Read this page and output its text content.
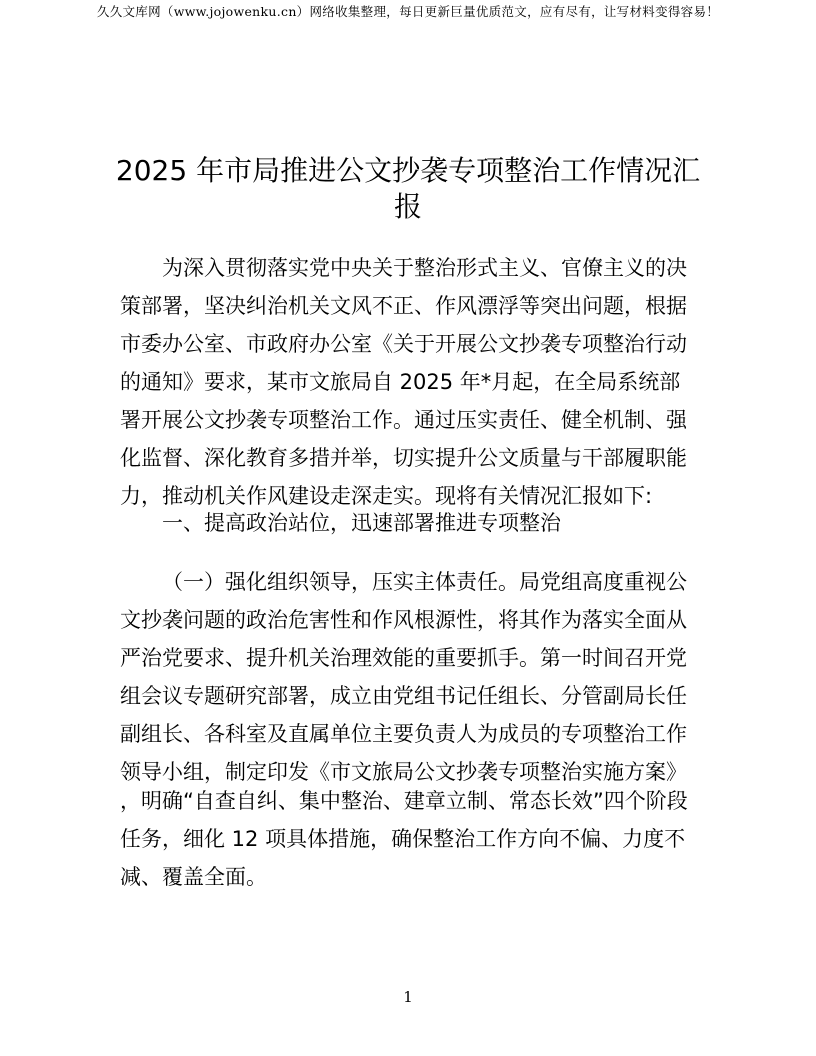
久久文库网（www.jojowenku.cn）网络收集整理，每日更新巨量优质范文，应有尽有，让写材料变得容易！
2025 年市局推进公文抄袭专项整治工作情况汇报

为深入贯彻落实党中央关于整治形式主义、官僚主义的决策部署，坚决纠治机关文风不正、作风漂浮等突出问题，根据市委办公室、市政府办公室《关于开展公文抄袭专项整治行动的通知》要求，某市文旅局自 2025 年*月起，在全局系统部署开展公文抄袭专项整治工作。通过压实责任、健全机制、强化监督、深化教育多措并举，切实提升公文质量与干部履职能力，推动机关作风建设走深走实。现将有关情况汇报如下:

一、提高政治站位，迅速部署推进专项整治

（一）强化组织领导，压实主体责任。局党组高度重视公文抄袭问题的政治危害性和作风根源性，将其作为落实全面从严治党要求、提升机关治理效能的重要抓手。第一时间召开党组会议专题研究部署，成立由党组书记任组长、分管副局长任副组长、各科室及直属单位主要负责人为成员的专项整治工作领导小组，制定印发《市文旅局公文抄袭专项整治实施方案》

，明确“自查自纠、集中整治、建章立制、常态长效”四个阶段任务，细化 12 项具体措施，确保整治工作方向不偏、力度不减、覆盖全面。

1
